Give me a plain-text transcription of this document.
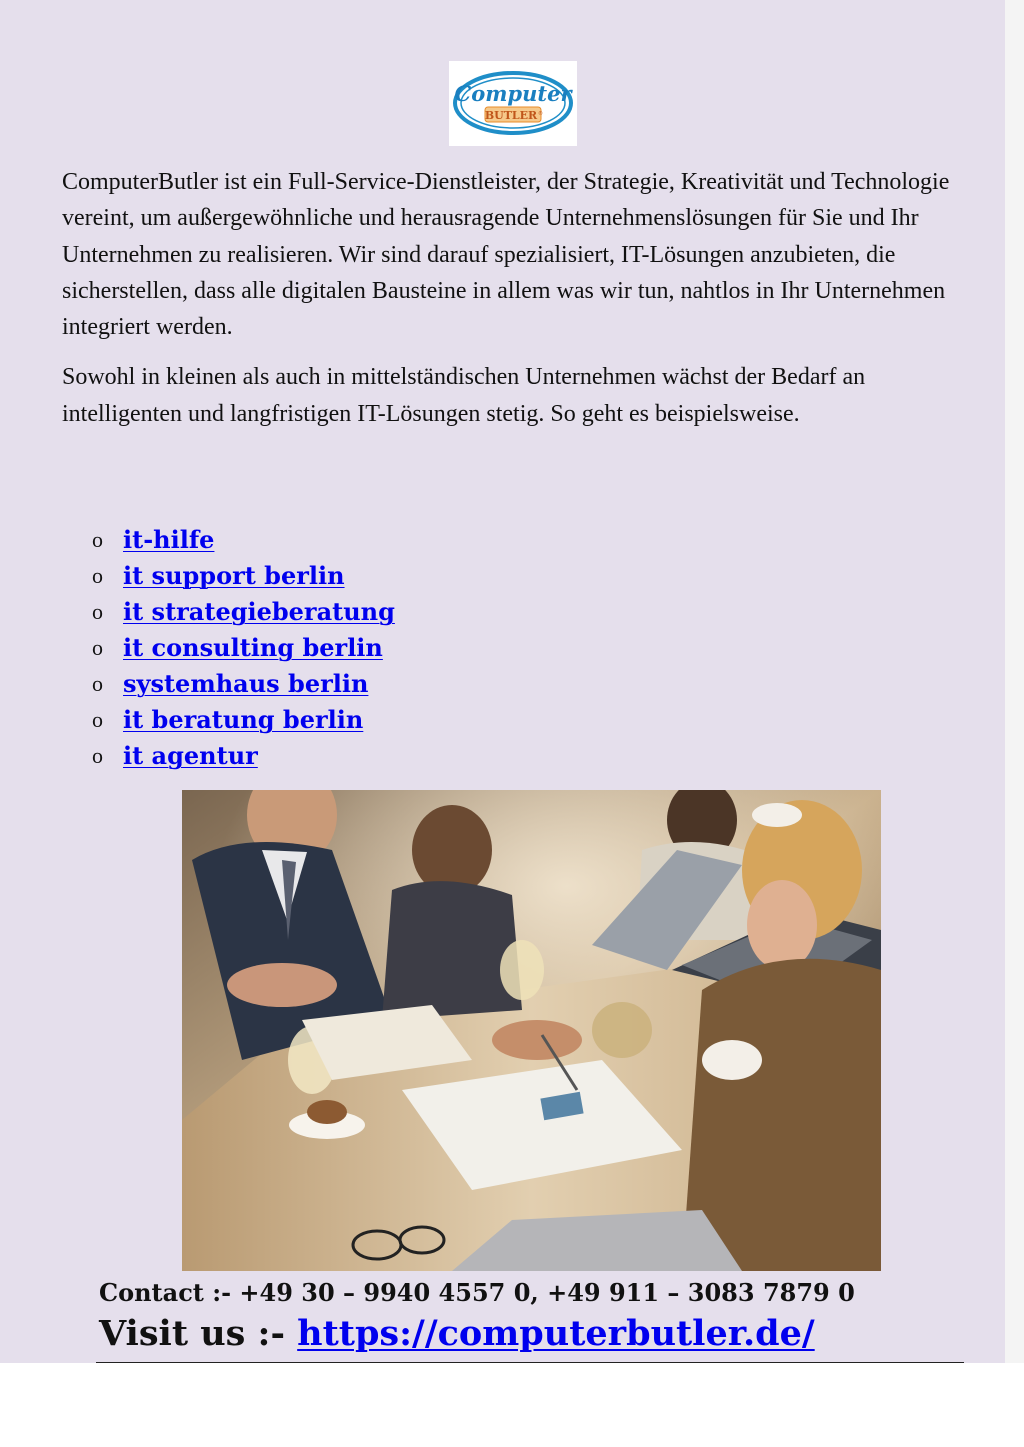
Computer
BUTLER ®

ComputerButler ist ein Full-Service-Dienstleister, der Strategie, Kreativität und Technologie vereint, um außergewöhnliche und herausragende Unternehmenslösungen für Sie und Ihr Unternehmen zu realisieren. Wir sind darauf spezialisiert, IT-Lösungen anzubieten, die sicherstellen, dass alle digitalen Bausteine in allem was wir tun, nahtlos in Ihr Unternehmen integriert werden.

Sowohl in kleinen als auch in mittelständischen Unternehmen wächst der Bedarf an intelligenten und langfristigen IT-Lösungen stetig. So geht es beispielsweise.

o it-hilfe
o it support berlin
o it strategieberatung
o it consulting berlin
o systemhaus berlin
o it beratung berlin
o it agentur
Contact :- +49 30 – 9940 4557 0, +49 911 – 3083 7879 0
Visit us :- https://computerbutler.de/
